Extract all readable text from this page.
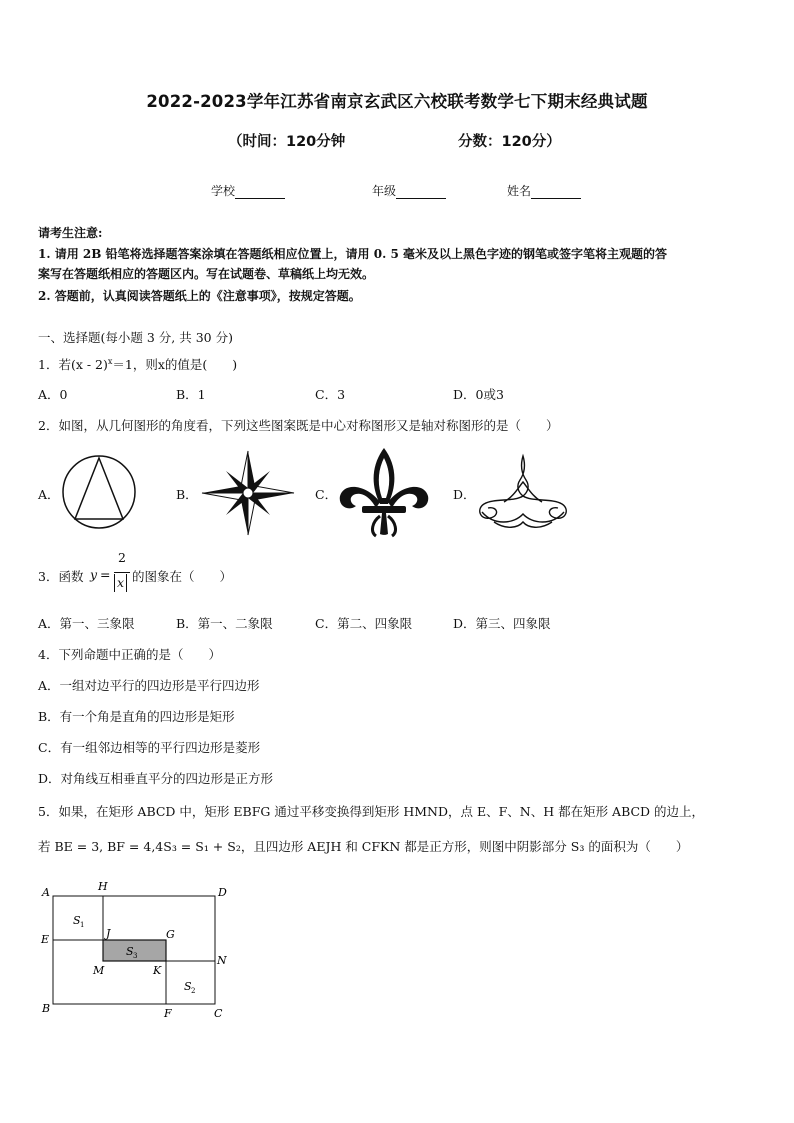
2022-2023学年江苏省南京玄武区六校联考数学七下期末经典试题
（时间：120分钟	分数：120分）
学校	年级	姓名
请考生注意:
1. 请用 2B 铅笔将选择题答案涂填在答题纸相应位置上，请用 0. 5 毫米及以上黑色字迹的钢笔或签字笔将主观题的答
案写在答题纸相应的答题区内。写在试题卷、草稿纸上均无效。
2. 答题前，认真阅读答题纸上的《注意事项》，按规定答题。
一、选择题(每小题 3 分, 共 30 分)
1．若(x - 2)$^x$＝1，则x的值是(　　)
A．0	B．1	C．3	D．0或3
2．如图，从几何图形的角度看，下列这些图案既是中心对称图形又是轴对称图形的是（　　）
A．	B．	C．	D．
3．函数 y =
2
x 的图象在（　　）
A．第一、三象限	B．第一、二象限	C．第二、四象限	D．第三、四象限
4．下列命题中正确的是（　　）
A．一组对边平行的四边形是平行四边形
B．有一个角是直角的四边形是矩形
C．有一组邻边相等的平行四边形是菱形
D．对角线互相垂直平分的四边形是正方形
5．如果，在矩形 ABCD 中，矩形 EBFG 通过平移变换得到矩形 HMND，点 E、F、N、H 都在矩形 ABCD 的边上，
若 BE = 3, BF = 4,4S₃ = S₁ + S₂，且四边形 AEJH 和 CFKN 都是正方形，则图中阴影部分 S₃ 的面积为（　　）
A	H	D
E	J	G
M	K
N
B	F	C
S 1
S 3
S 2
